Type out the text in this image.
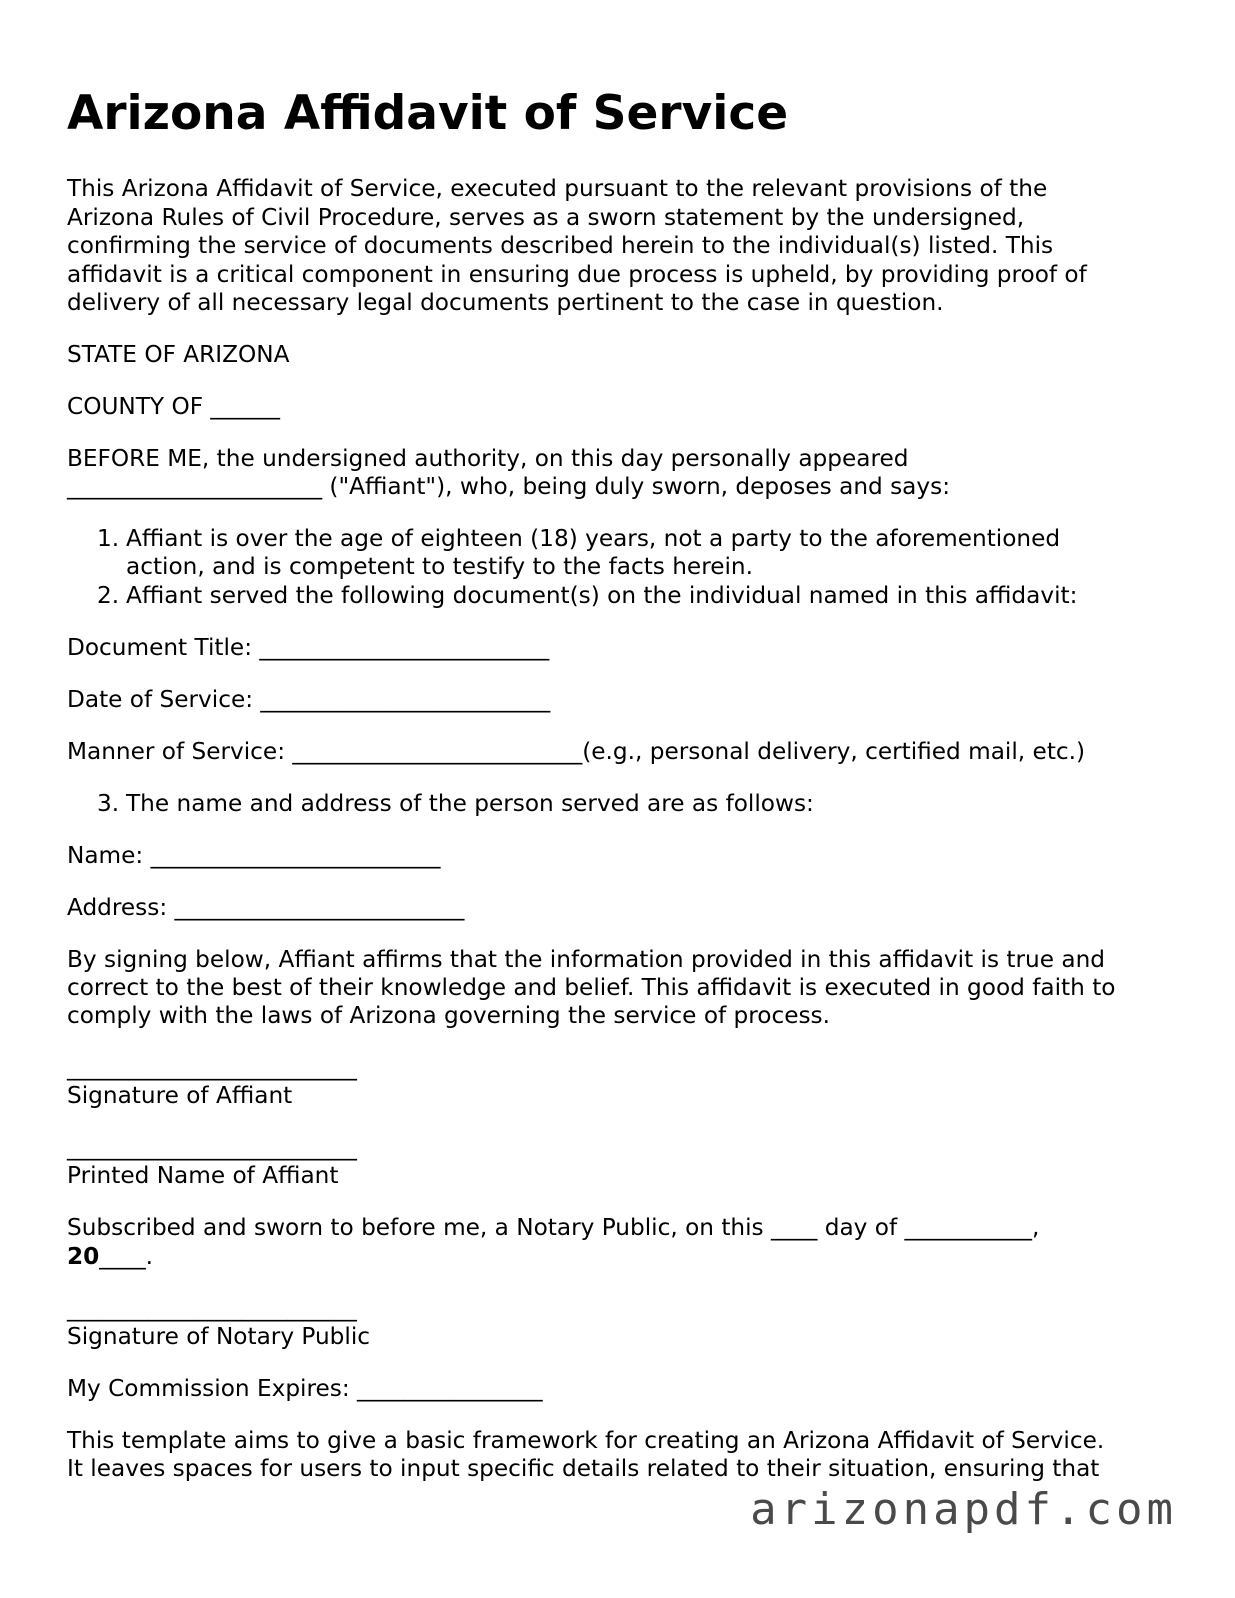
Arizona Affidavit of Service

This Arizona Affidavit of Service, executed pursuant to the relevant provisions of the

Arizona Rules of Civil Procedure, serves as a sworn statement by the undersigned,

confirming the service of documents described herein to the individual(s) listed. This

affidavit is a critical component in ensuring due process is upheld, by providing proof of

delivery of all necessary legal documents pertinent to the case in question.

STATE OF ARIZONA

COUNTY OF ______

BEFORE ME, the undersigned authority, on this day personally appeared

______________________ ("Affiant"), who, being duly sworn, deposes and says:

1. Affiant is over the age of eighteen (18) years, not a party to the aforementioned

action, and is competent to testify to the facts herein.

2. Affiant served the following document(s) on the individual named in this affidavit:

Document Title: _________________________

Date of Service: _________________________

Manner of Service: _________________________(e.g., personal delivery, certified mail, etc.)

3. The name and address of the person served are as follows:

Name: _________________________

Address: _________________________

By signing below, Affiant affirms that the information provided in this affidavit is true and

correct to the best of their knowledge and belief. This affidavit is executed in good faith to

comply with the laws of Arizona governing the service of process.

_________________________

Signature of Affiant

_________________________

Printed Name of Affiant

Subscribed and sworn to before me, a Notary Public, on this ____ day of ___________,

20____.

_________________________

Signature of Notary Public

My Commission Expires: ________________

This template aims to give a basic framework for creating an Arizona Affidavit of Service.

It leaves spaces for users to input specific details related to their situation, ensuring that

arizonapdf.com
